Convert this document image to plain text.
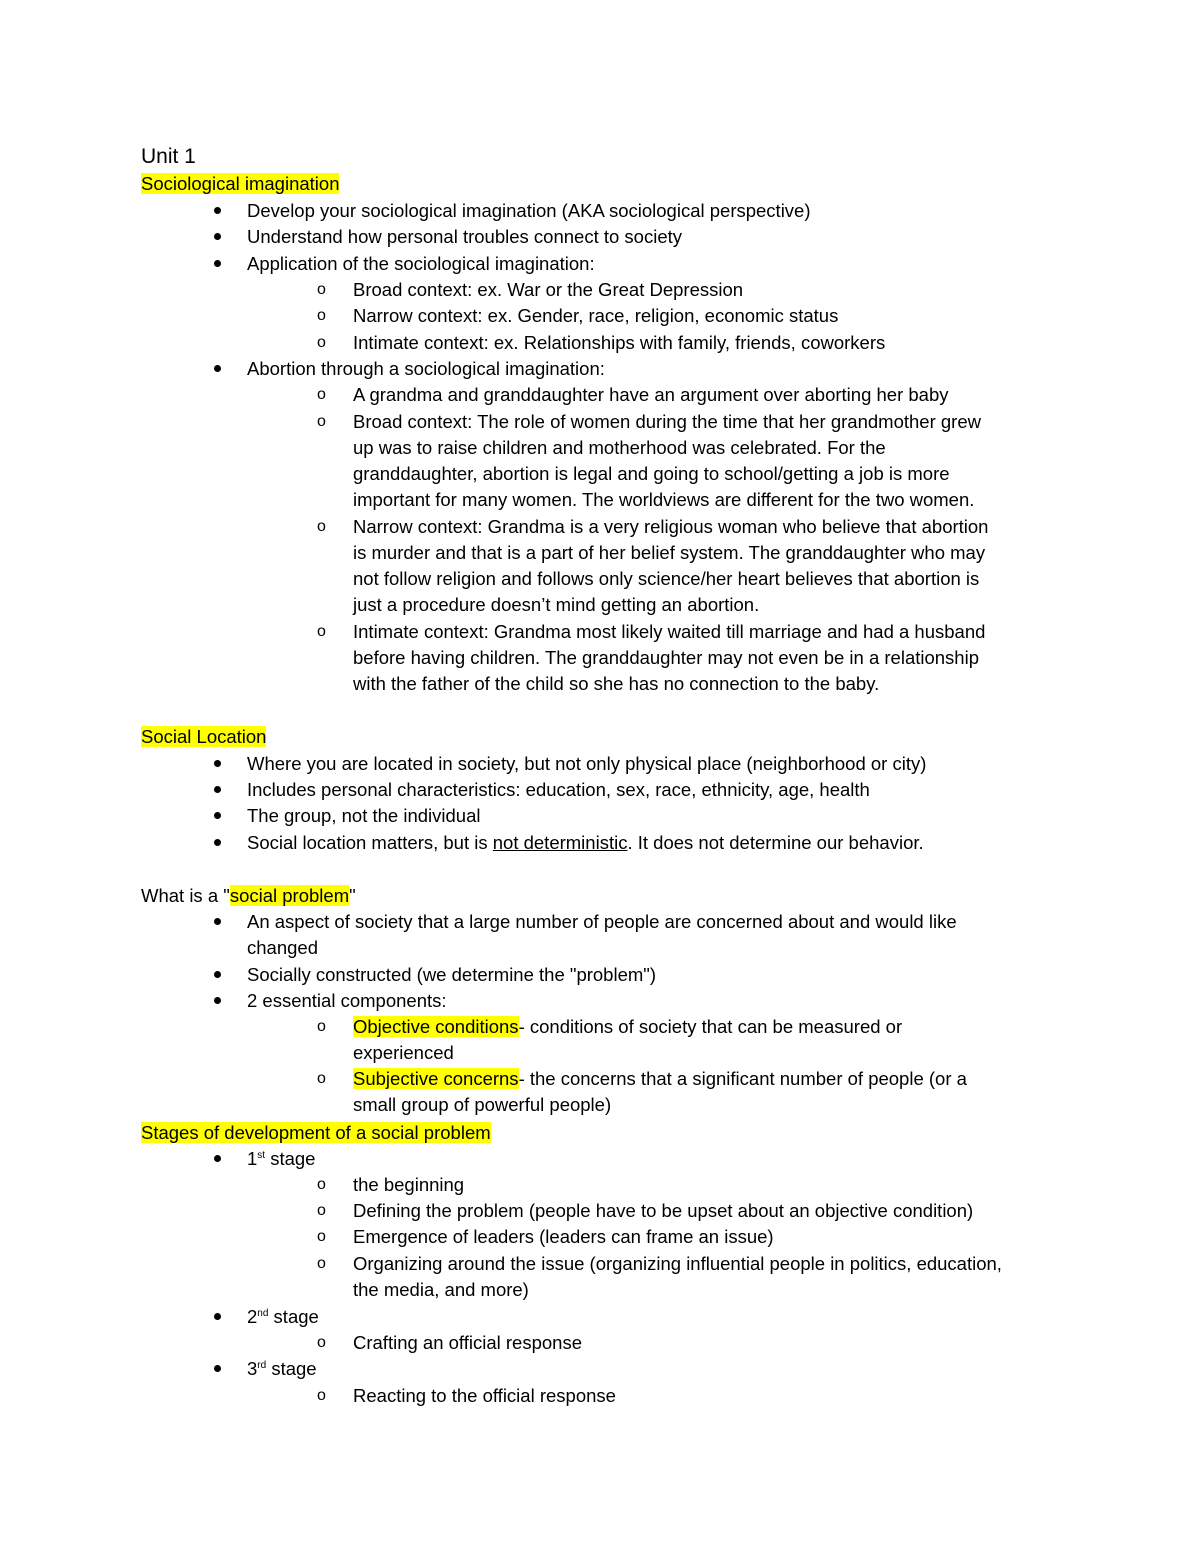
Unit 1
Sociological imagination
Develop your sociological imagination (AKA sociological perspective)
Understand how personal troubles connect to society
Application of the sociological imagination:
o Broad context: ex. War or the Great Depression
o Narrow context: ex. Gender, race, religion, economic status
o Intimate context: ex. Relationships with family, friends, coworkers
Abortion through a sociological imagination:
o A grandma and granddaughter have an argument over aborting her baby
o Broad context: The role of women during the time that her grandmother grew
up was to raise children and motherhood was celebrated. For the
granddaughter, abortion is legal and going to school/getting a job is more
important for many women. The worldviews are different for the two women.
o Narrow context: Grandma is a very religious woman who believe that abortion
is murder and that is a part of her belief system. The granddaughter who may
not follow religion and follows only science/her heart believes that abortion is
just a procedure doesn’t mind getting an abortion.
o Intimate context: Grandma most likely waited till marriage and had a husband
before having children. The granddaughter may not even be in a relationship
with the father of the child so she has no connection to the baby.
Social Location
Where you are located in society, but not only physical place (neighborhood or city)
Includes personal characteristics: education, sex, race, ethnicity, age, health
The group, not the individual
Social location matters, but is not deterministic. It does not determine our behavior.
What is a "social problem"
An aspect of society that a large number of people are concerned about and would like
changed
Socially constructed (we determine the "problem")
2 essential components:
o Objective conditions- conditions of society that can be measured or
experienced
o Subjective concerns- the concerns that a significant number of people (or a
small group of powerful people)
Stages of development of a social problem
1st stage
o the beginning
o Defining the problem (people have to be upset about an objective condition)
o Emergence of leaders (leaders can frame an issue)
o Organizing around the issue (organizing influential people in politics, education,
the media, and more)
2nd stage
o Crafting an official response
3rd stage
o Reacting to the official response
